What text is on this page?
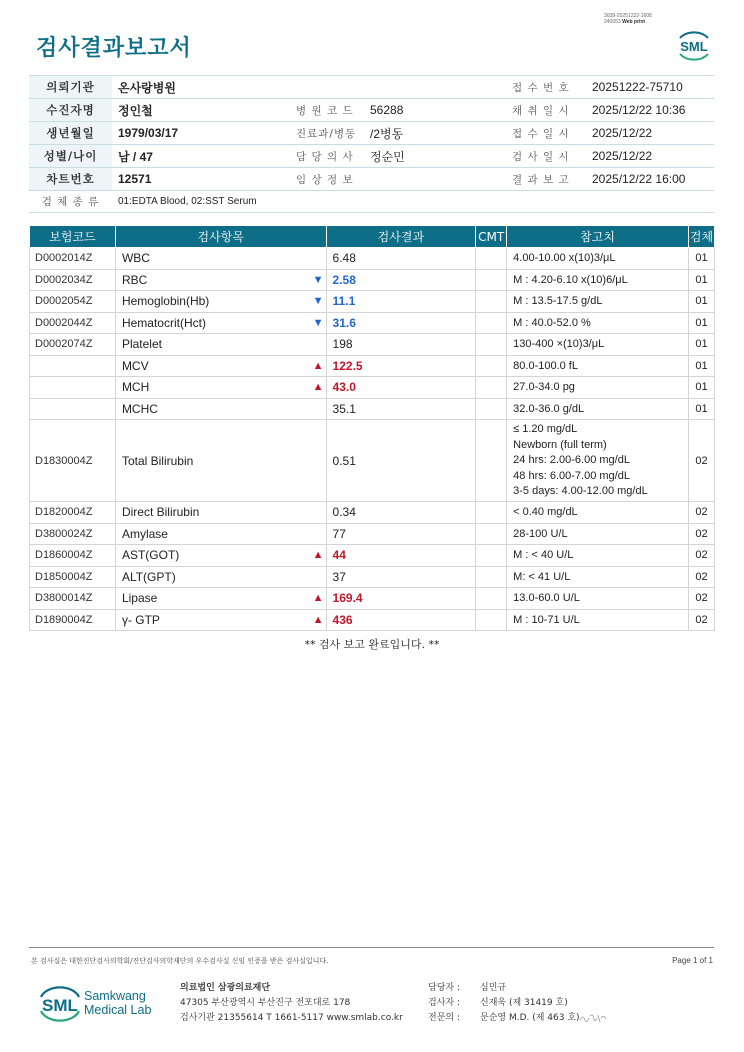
검사결과보고서
3038-20251222-1608
240053 Web print
SML
의뢰기관	온사랑병원			접 수 번 호	20251222-75710
수진자명	정인철	병 원 코 드	56288	채 취 일 시	2025/12/22 10:36
생년월일	1979/03/17	진료과/병동	/2병동	접 수 일 시	2025/12/22
성별/나이	남 / 47	담 당 의 사	정순민	검 사 일 시	2025/12/22
차트번호	12571	임 상 정 보		결 과 보 고	2025/12/22 16:00
검 체 종 류	01:EDTA Blood, 02:SST Serum				
보험코드	검사항목	검사결과	CMT	참고치	검체
D0002014Z	WBC	6.48		4.00-10.00 x(10)3/μL	01
D0002034Z	RBC ▼	2.58		M : 4.20-6.10 x(10)6/μL	01
D0002054Z	Hemoglobin(Hb) ▼	11.1		M : 13.5-17.5 g/dL	01
D0002044Z	Hematocrit(Hct) ▼	31.6		M : 40.0-52.0 %	01
D0002074Z	Platelet	198		130-400 ×(10)3/μL	01
	MCV ▲	122.5		80.0-100.0 fL	01
	MCH ▲	43.0		27.0-34.0 pg	01
	MCHC	35.1		32.0-36.0 g/dL	01
D1830004Z	Total Bilirubin	0.51		≤ 1.20 mg/dL
Newborn (full term)
24 hrs: 2.00-6.00 mg/dL
48 hrs: 6.00-7.00 mg/dL
3-5 days: 4.00-12.00 mg/dL	02
D1820004Z	Direct Bilirubin	0.34		< 0.40 mg/dL	02
D3800024Z	Amylase	77		28-100 U/L	02
D1860004Z	AST(GOT) ▲	44		M : < 40 U/L	02
D1850004Z	ALT(GPT)	37		M: < 41 U/L	02
D3800014Z	Lipase ▲	169.4		13.0-60.0 U/L	02
D1890004Z	γ- GTP ▲	436		M : 10-71 U/L	02
** 검사 보고 완료입니다. **
본 검사실은 대한진단검사의학회/진단검사의학재단의 우수검사실 신임 인증을 받은 검사실입니다.	Page 1 of 1
SML Samkwang
Medical Lab
의료법인 삼광의료재단
47305 부산광역시 부산진구 전포대로 178
검사기관 21355614 T 1661-5117 www.smlab.co.kr
담당자 : 심민규
검사자 : 신재욱 (제 31419 호)
전문의 : 문순영 M.D. (제 463 호)
